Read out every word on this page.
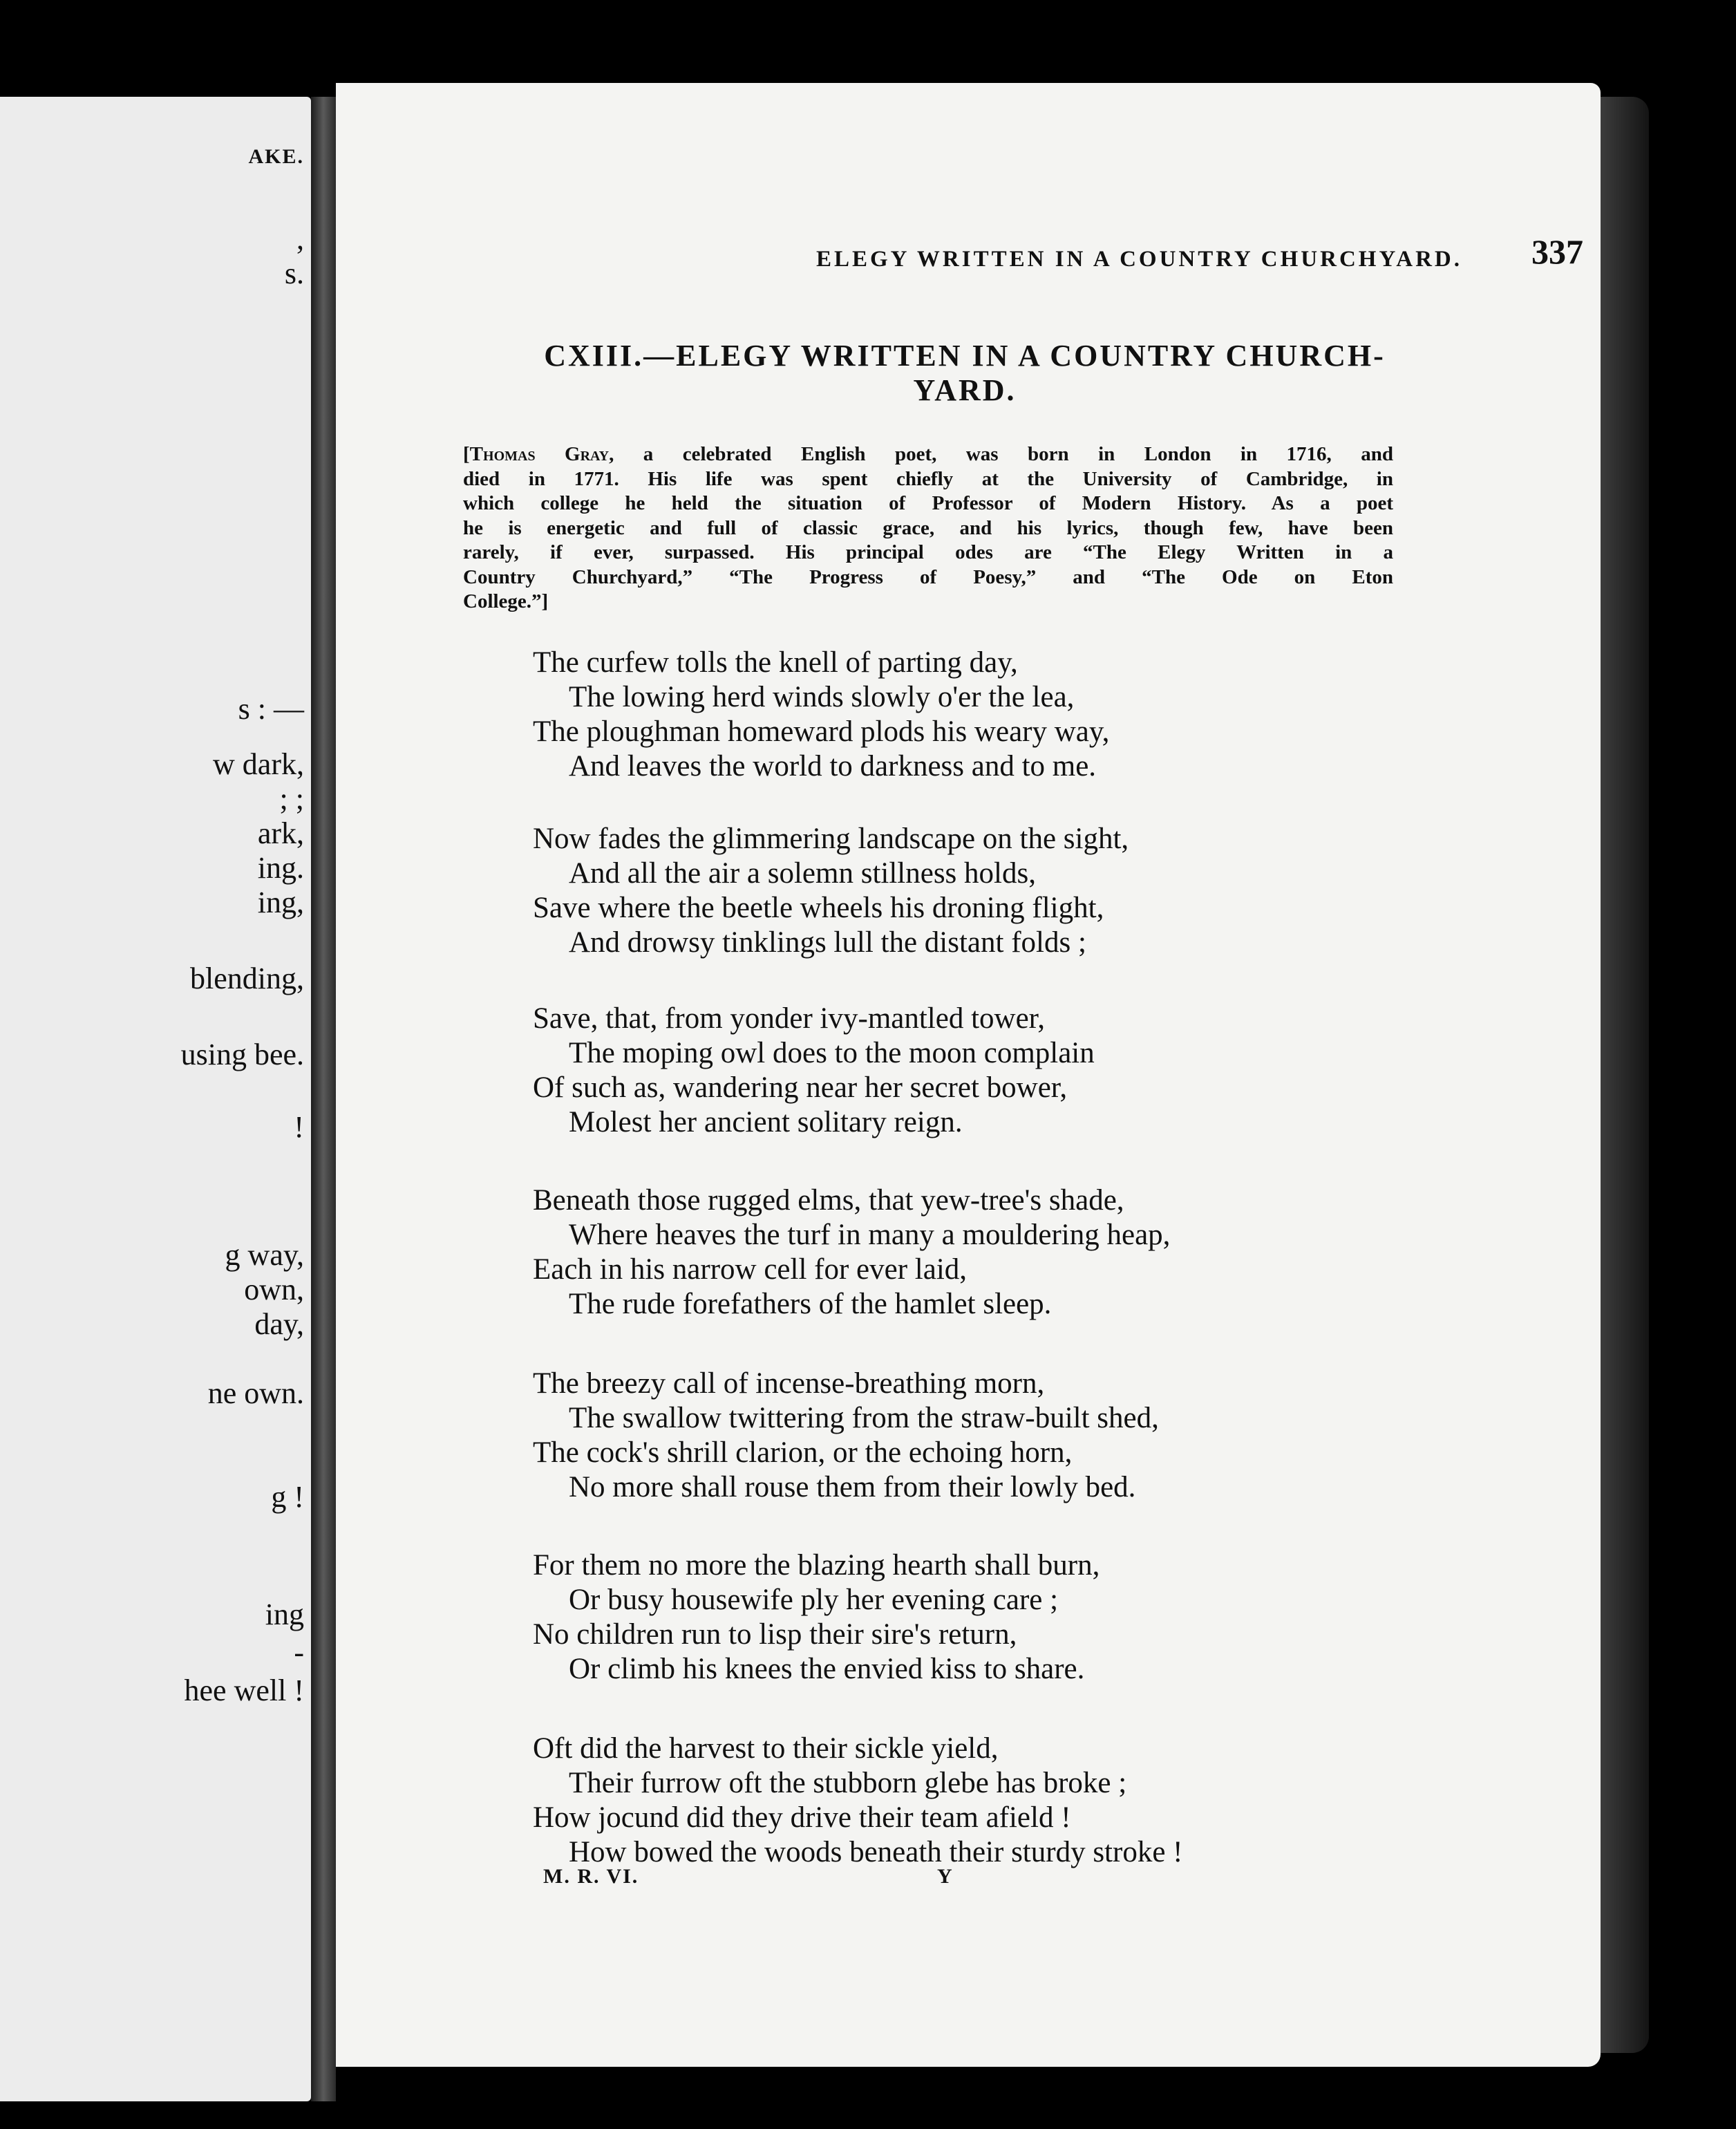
AKE.
,
s.
s : —
w dark,
; ;
ark,
ing.
ing,
blending,
using bee.
!
g way,
own,
day,
ne own.
g !
ing
-
hee well !
ELEGY WRITTEN IN A COUNTRY CHURCHYARD. 337
CXIII.—ELEGY WRITTEN IN A COUNTRY CHURCH-
YARD.
[Thomas Gray, a celebrated English poet, was born in London in 1716, and
died in 1771. His life was spent chiefly at the University of Cambridge, in
which college he held the situation of Professor of Modern History. As a poet
he is energetic and full of classic grace, and his lyrics, though few, have been
rarely, if ever, surpassed. His principal odes are “The Elegy Written in a
Country Churchyard,” “The Progress of Poesy,” and “The Ode on Eton
College.”]
The curfew tolls the knell of parting day,
The lowing herd winds slowly o'er the lea,
The ploughman homeward plods his weary way,
And leaves the world to darkness and to me.
Now fades the glimmering landscape on the sight,
And all the air a solemn stillness holds,
Save where the beetle wheels his droning flight,
And drowsy tinklings lull the distant folds ;
Save, that, from yonder ivy-mantled tower,
The moping owl does to the moon complain
Of such as, wandering near her secret bower,
Molest her ancient solitary reign.
Beneath those rugged elms, that yew-tree's shade,
Where heaves the turf in many a mouldering heap,
Each in his narrow cell for ever laid,
The rude forefathers of the hamlet sleep.
The breezy call of incense-breathing morn,
The swallow twittering from the straw-built shed,
The cock's shrill clarion, or the echoing horn,
No more shall rouse them from their lowly bed.
For them no more the blazing hearth shall burn,
Or busy housewife ply her evening care ;
No children run to lisp their sire's return,
Or climb his knees the envied kiss to share.
Oft did the harvest to their sickle yield,
Their furrow oft the stubborn glebe has broke ;
How jocund did they drive their team afield !
How bowed the woods beneath their sturdy stroke !
M. R. VI.	Y
